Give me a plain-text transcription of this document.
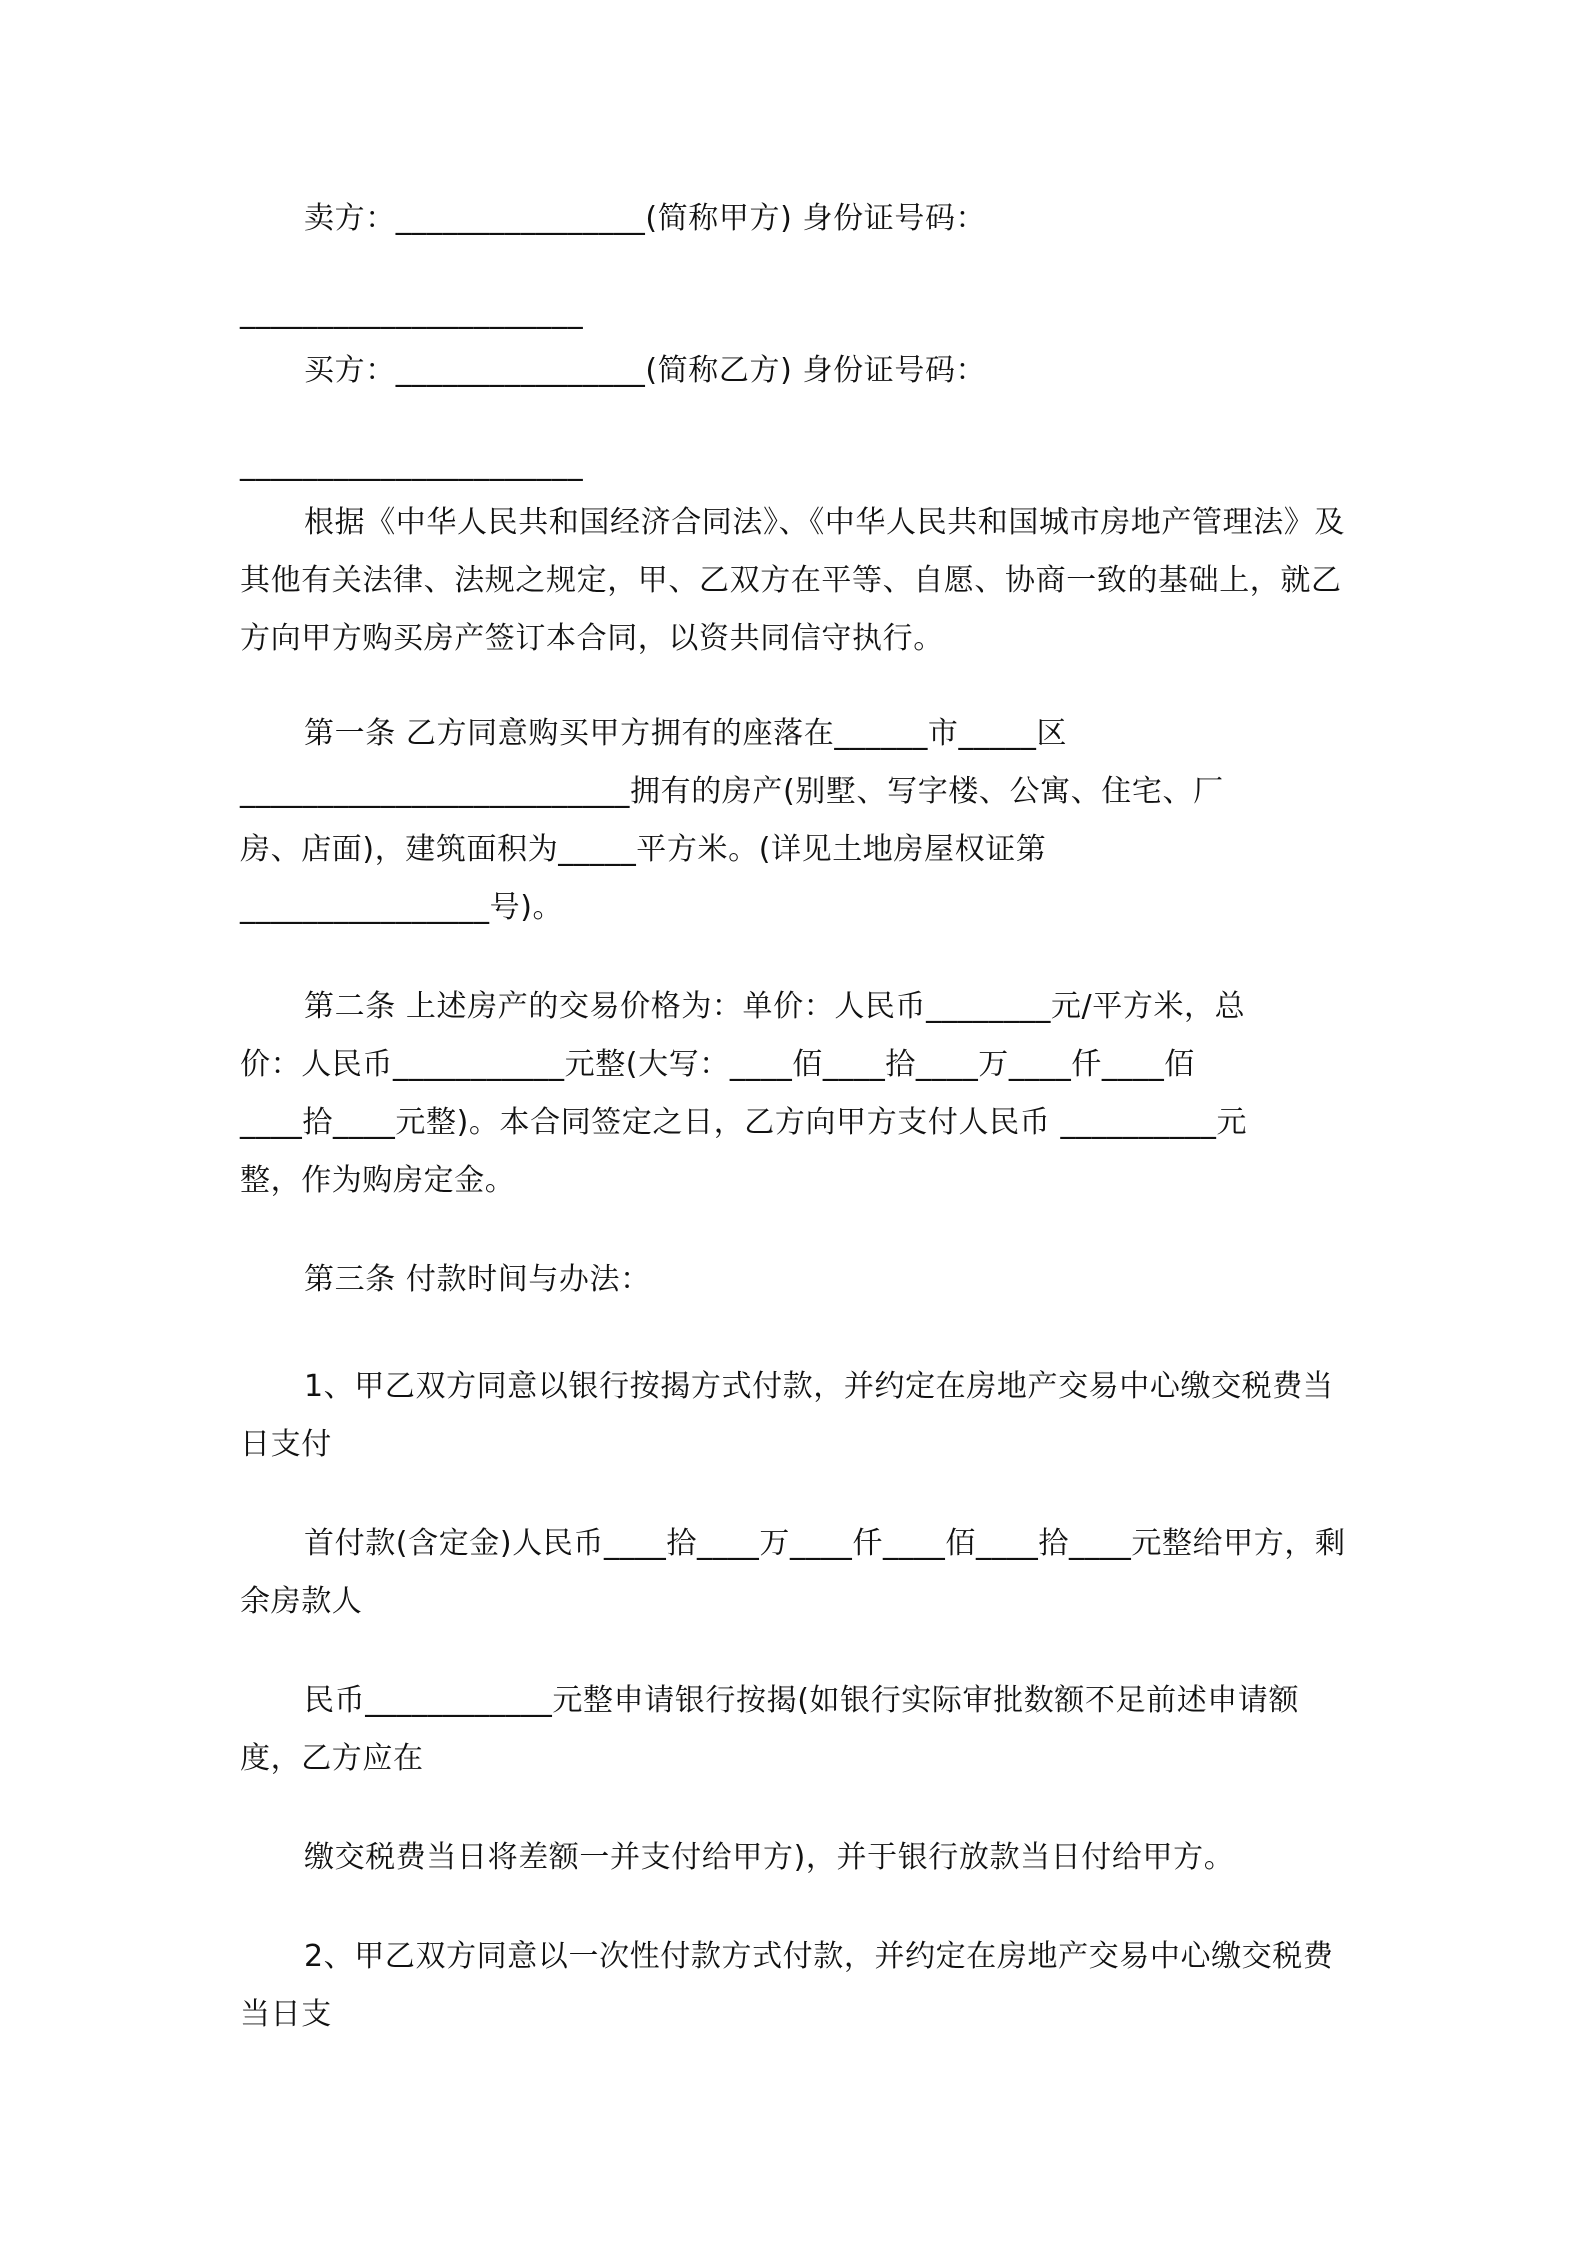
卖方：________________(简称甲方) 身份证号码：

______________________

买方：________________(简称乙方) 身份证号码：

______________________

根据《中华人民共和国经济合同法》、《中华人民共和国城市房地产管理法》及其他有关法律、法规之规定，甲、乙双方在平等、自愿、协商一致的基础上，就乙方向甲方购买房产签订本合同，以资共同信守执行。

第一条 乙方同意购买甲方拥有的座落在______市_____区

_________________________拥有的房产(别墅、写字楼、公寓、住宅、厂

房、店面)，建筑面积为_____平方米。(详见土地房屋权证第

________________号)。

第二条 上述房产的交易价格为：单价：人民币________元/平方米，总

价：人民币___________元整(大写：____佰____拾____万____仟____佰

____拾____元整)。本合同签定之日，乙方向甲方支付人民币 __________元

整，作为购房定金。

第三条 付款时间与办法：

1、甲乙双方同意以银行按揭方式付款，并约定在房地产交易中心缴交税费当日支付

首付款(含定金)人民币____拾____万____仟____佰____拾____元整给甲方，剩余房款人

民币____________元整申请银行按揭(如银行实际审批数额不足前述申请额度，乙方应在

缴交税费当日将差额一并支付给甲方)，并于银行放款当日付给甲方。

2、甲乙双方同意以一次性付款方式付款，并约定在房地产交易中心缴交税费当日支
